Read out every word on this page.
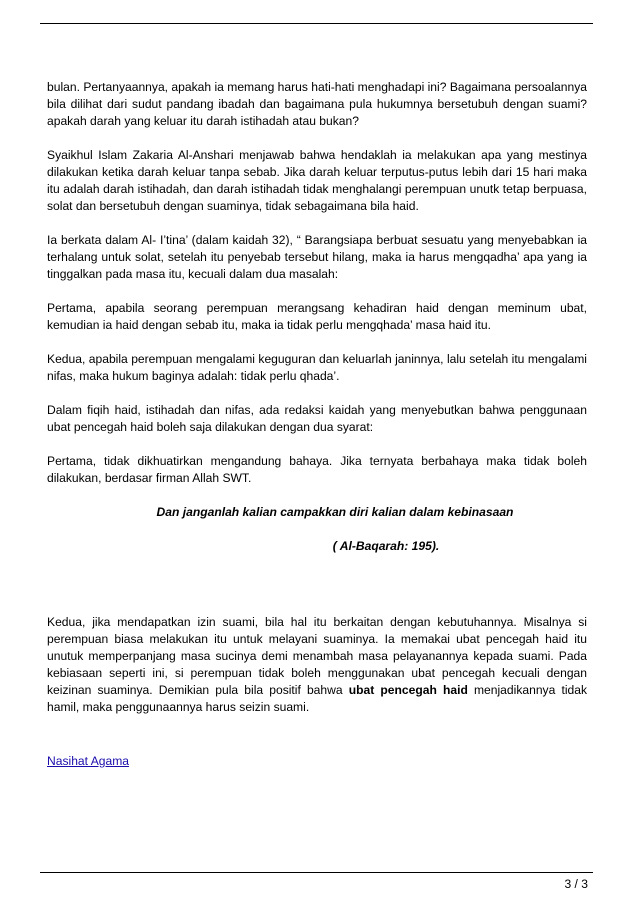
bulan. Pertanyaannya, apakah ia memang harus hati-hati menghadapi ini? Bagaimana persoalannya bila dilihat dari sudut pandang ibadah dan bagaimana pula hukumnya bersetubuh dengan suami? apakah darah yang keluar itu darah istihadah atau bukan?

Syaikhul Islam Zakaria Al-Anshari menjawab bahwa hendaklah ia melakukan apa yang mestinya dilakukan ketika darah keluar tanpa sebab. Jika darah keluar terputus-putus lebih dari 15 hari maka itu adalah darah istihadah, dan darah istihadah tidak menghalangi perempuan unutk tetap berpuasa, solat dan bersetubuh dengan suaminya, tidak sebagaimana bila haid.

Ia berkata dalam Al- I’tina’ (dalam kaidah 32), “ Barangsiapa berbuat sesuatu yang menyebabkan ia terhalang untuk solat, setelah itu penyebab tersebut hilang, maka ia harus mengqadha’ apa yang ia tinggalkan pada masa itu, kecuali dalam dua masalah:

Pertama, apabila seorang perempuan merangsang kehadiran haid dengan meminum ubat, kemudian ia haid dengan sebab itu, maka ia tidak perlu mengqhada’ masa haid itu.

Kedua, apabila perempuan mengalami keguguran dan keluarlah janinnya, lalu setelah itu mengalami nifas, maka hukum baginya adalah: tidak perlu qhada’.

Dalam fiqih haid, istihadah dan nifas, ada redaksi kaidah yang menyebutkan bahwa penggunaan ubat pencegah haid boleh saja dilakukan dengan dua syarat:

Pertama, tidak dikhuatirkan mengandung bahaya. Jika ternyata berbahaya maka tidak boleh dilakukan, berdasar firman Allah SWT.

Dan janganlah kalian campakkan diri kalian dalam kebinasaan

( Al-Baqarah: 195).

Kedua, jika mendapatkan izin suami, bila hal itu berkaitan dengan kebutuhannya. Misalnya si perempuan biasa melakukan itu untuk melayani suaminya. Ia memakai ubat pencegah haid itu unutuk memperpanjang masa sucinya demi menambah masa pelayanannya kepada suami. Pada kebiasaan seperti ini, si perempuan tidak boleh menggunakan ubat pencegah kecuali dengan keizinan suaminya. Demikian pula bila positif bahwa ubat pencegah haid menjadikannya tidak hamil, maka penggunaannya harus seizin suami.

Nasihat Agama
3 / 3
